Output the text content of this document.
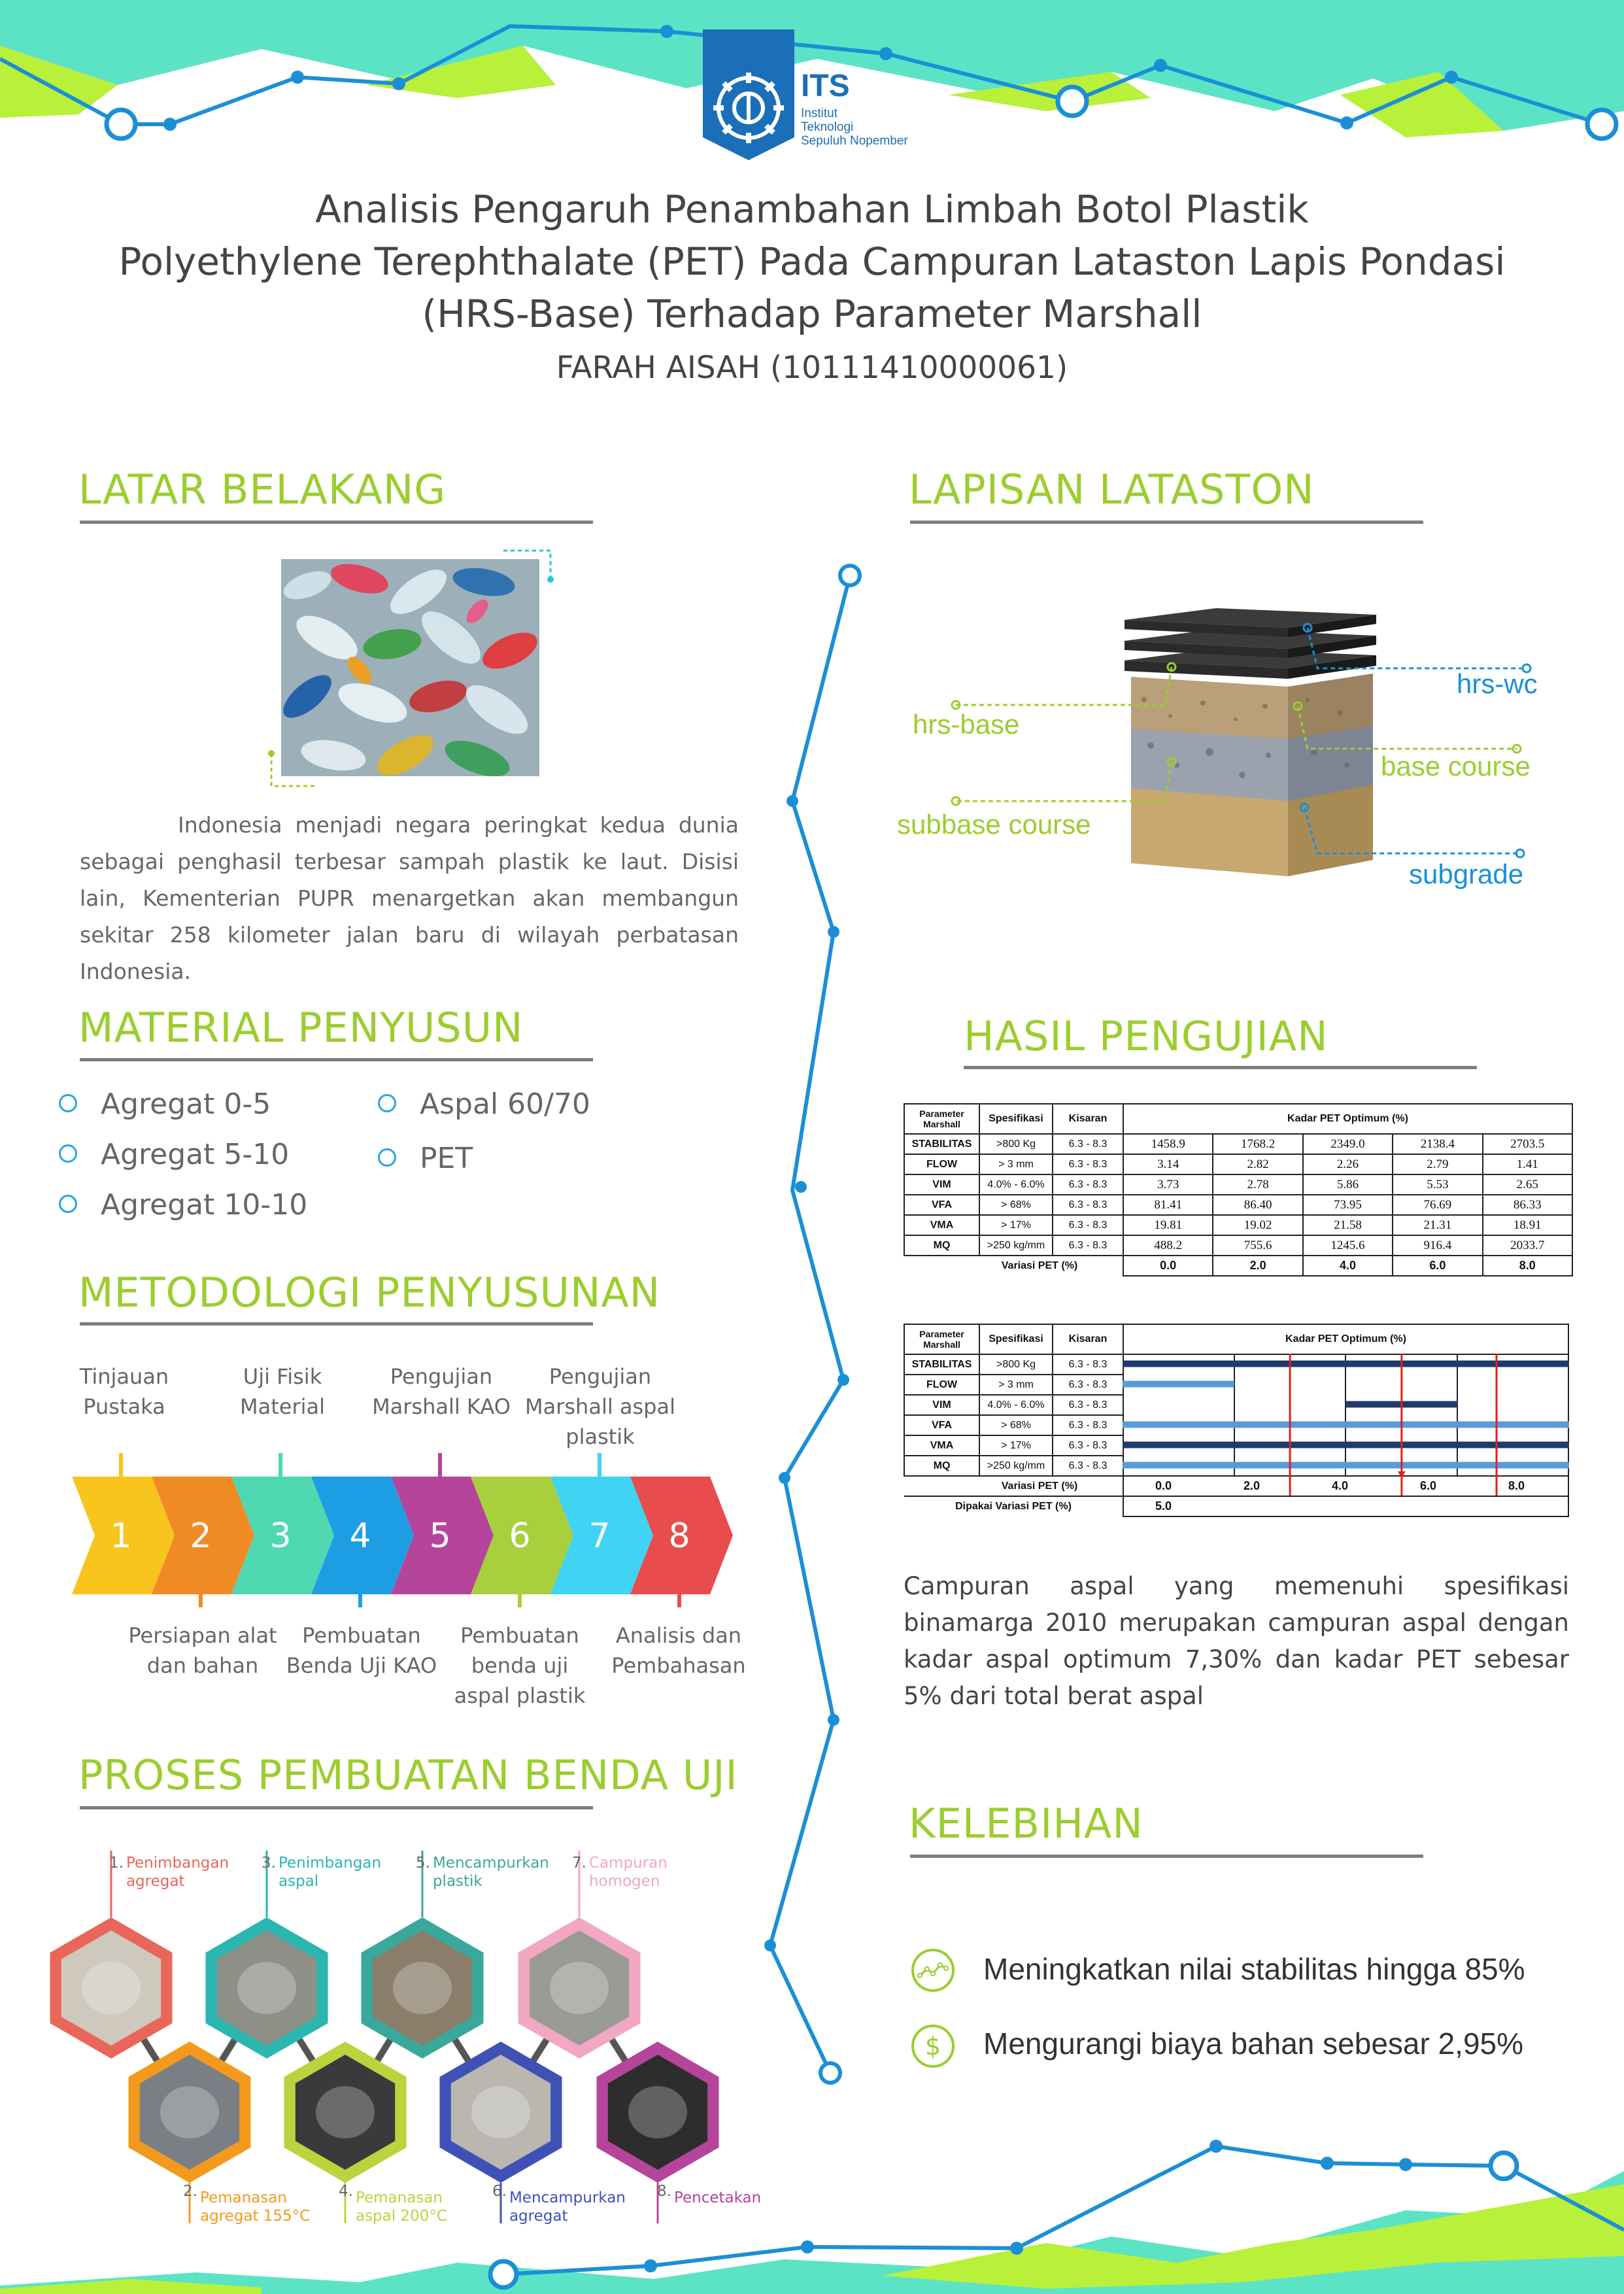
ITS
Institut
Teknologi
Sepuluh Nopember
Analisis Pengaruh Penambahan Limbah Botol Plastik
Polyethylene Terephthalate (PET) Pada Campuran Lataston Lapis Pondasi
(HRS-Base) Terhadap Parameter Marshall
FARAH AISAH (10111410000061)
LATAR BELAKANG
Indonesia menjadi negara peringkat kedua dunia sebagai penghasil terbesar sampah plastik ke laut. Disisi lain, Kementerian PUPR menargetkan akan membangun sekitar 258 kilometer jalan baru di wilayah perbatasan Indonesia.
MATERIAL PENYUSUN
Agregat 0-5
Agregat 5-10
Agregat 10-10
Aspal 60/70
PET
METODOLOGI PENYUSUNAN
Tinjauan
Pustaka
Uji Fisik
Material
Pengujian
Marshall KAO
Pengujian
Marshall aspal
plastik
1 2 3 4 5 6 7 8
Persiapan alat
dan bahan
Pembuatan
Benda Uji KAO
Pembuatan
benda uji
aspal plastik
Analisis dan
Pembahasan
PROSES PEMBUATAN BENDA UJI
1. Penimbangan
agregat
3. Penimbangan
aspal
5. Mencampurkan
plastik
7. Campuran
homogen
2. Pemanasan
agregat 155°C
4. Pemanasan
aspal 200°C
6. Mencampurkan
agregat
8. Pencetakan
LAPISAN LATASTON
hrs-wc
hrs-base
base course
subbase course
subgrade
HASIL PENGUJIAN
Parameter Marshall	Spesifikasi	Kisaran	Kadar PET Optimum (%)				
STABILITAS	>800 Kg	6.3 - 8.3	1458.9	1768.2	2349.0	2138.4	2703.5
FLOW	> 3 mm	6.3 - 8.3	3.14	2.82	2.26	2.79	1.41
VIM	4.0% - 6.0%	6.3 - 8.3	3.73	2.78	5.86	5.53	2.65
VFA	> 68%	6.3 - 8.3	81.41	86.40	73.95	76.69	86.33
VMA	> 17%	6.3 - 8.3	19.81	19.02	21.58	21.31	18.91
MQ	>250 kg/mm	6.3 - 8.3	488.2	755.6	1245.6	916.4	2033.7
Variasi PET (%)			0.0	2.0	4.0	6.0	8.0
Parameter Marshall	Spesifikasi	Kisaran	Kadar PET Optimum (%)			
STABILITAS	>800 Kg	6.3 - 8.3				
FLOW	> 3 mm	6.3 - 8.3				
VIM	4.0% - 6.0%	6.3 - 8.3				
VFA	> 68%	6.3 - 8.3				
VMA	> 17%	6.3 - 8.3				
MQ	>250 kg/mm	6.3 - 8.3				
Variasi PET (%)			0.0 2.0 4.0 6.0 8.0			

Dipakai Variasi PET (%)			5.0			
Campuran aspal yang memenuhi spesifikasi binamarga 2010 merupakan campuran aspal dengan kadar aspal optimum 7,30% dan kadar PET sebesar 5% dari total berat aspal
KELEBIHAN
Meningkatkan nilai stabilitas hingga 85%
$ Mengurangi biaya bahan sebesar 2,95%
